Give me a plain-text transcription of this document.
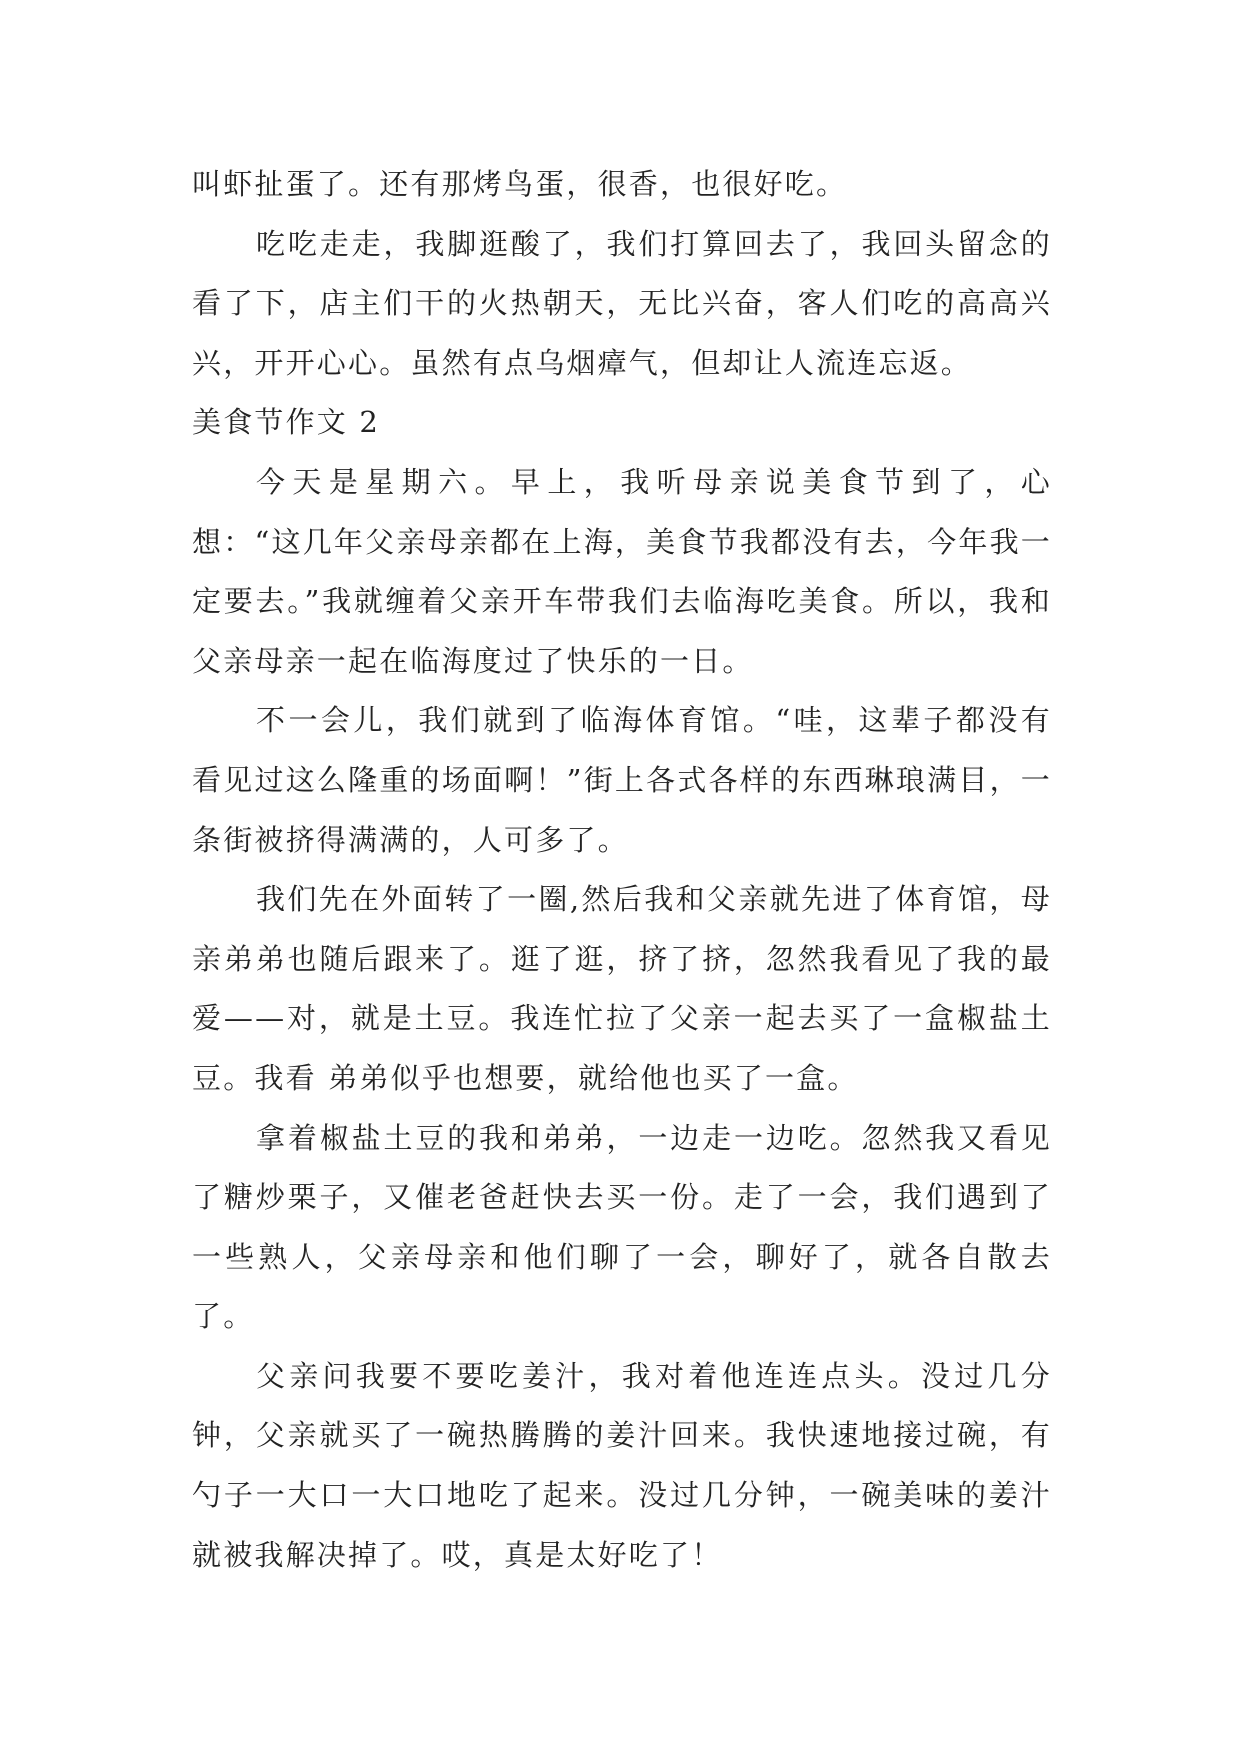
叫虾扯蛋了。还有那烤鸟蛋，很香，也很好吃。

吃吃走走，我脚逛酸了，我们打算回去了，我回头留念的看了下，店主们干的火热朝天，无比兴奋，客人们吃的高高兴兴，开开心心。虽然有点乌烟瘴气，但却让人流连忘返。

美食节作文 2

今天是星期六。早上，我听母亲说美食节到了，心想：“这几年父亲母亲都在上海，美食节我都没有去，今年我一定要去。”我就缠着父亲开车带我们去临海吃美食。所以，我和父亲母亲一起在临海度过了快乐的一日。

不一会儿，我们就到了临海体育馆。“哇，这辈子都没有看见过这么隆重的场面啊！”街上各式各样的东西琳琅满目，一条街被挤得满满的，人可多了。

我们先在外面转了一圈,然后我和父亲就先进了体育馆，母亲弟弟也随后跟来了。逛了逛，挤了挤，忽然我看见了我的最爱——对，就是土豆。我连忙拉了父亲一起去买了一盒椒盐土豆。我看 弟弟似乎也想要，就给他也买了一盒。

拿着椒盐土豆的我和弟弟，一边走一边吃。忽然我又看见了糖炒栗子，又催老爸赶快去买一份。走了一会，我们遇到了一些熟人，父亲母亲和他们聊了一会，聊好了，就各自散去了。

父亲问我要不要吃姜汁，我对着他连连点头。没过几分钟，父亲就买了一碗热腾腾的姜汁回来。我快速地接过碗，有勺子一大口一大口地吃了起来。没过几分钟，一碗美味的姜汁就被我解决掉了。哎，真是太好吃了！
